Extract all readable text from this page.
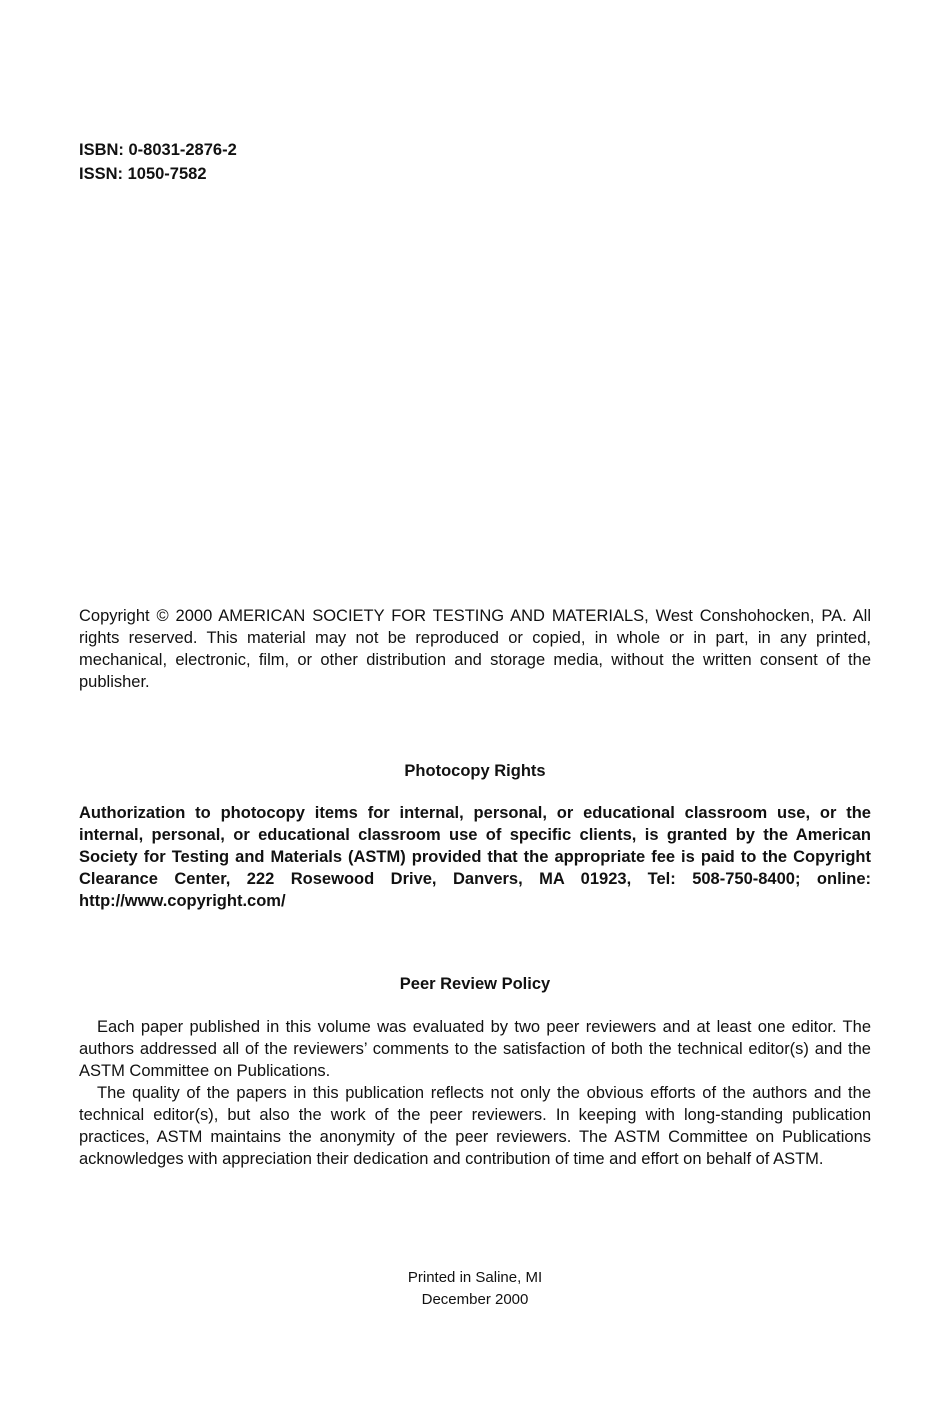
ISBN: 0-8031-2876-2
ISSN: 1050-7582
Copyright © 2000 AMERICAN SOCIETY FOR TESTING AND MATERIALS, West Conshohocken, PA. All rights reserved. This material may not be reproduced or copied, in whole or in part, in any printed, mechanical, electronic, film, or other distribution and storage media, without the written consent of the publisher.
Photocopy Rights
Authorization to photocopy items for internal, personal, or educational classroom use, or the internal, personal, or educational classroom use of specific clients, is granted by the American Society for Testing and Materials (ASTM) provided that the appropriate fee is paid to the Copyright Clearance Center, 222 Rosewood Drive, Danvers, MA 01923, Tel: 508-750-8400; online: http://www.copyright.com/
Peer Review Policy

Each paper published in this volume was evaluated by two peer reviewers and at least one editor. The authors addressed all of the reviewers’ comments to the satisfaction of both the technical editor(s) and the ASTM Committee on Publications.

The quality of the papers in this publication reflects not only the obvious efforts of the authors and the technical editor(s), but also the work of the peer reviewers. In keeping with long-standing publication practices, ASTM maintains the anonymity of the peer reviewers. The ASTM Committee on Publications acknowledges with appreciation their dedication and contribution of time and effort on behalf of ASTM.

Printed in Saline, MI
December 2000
